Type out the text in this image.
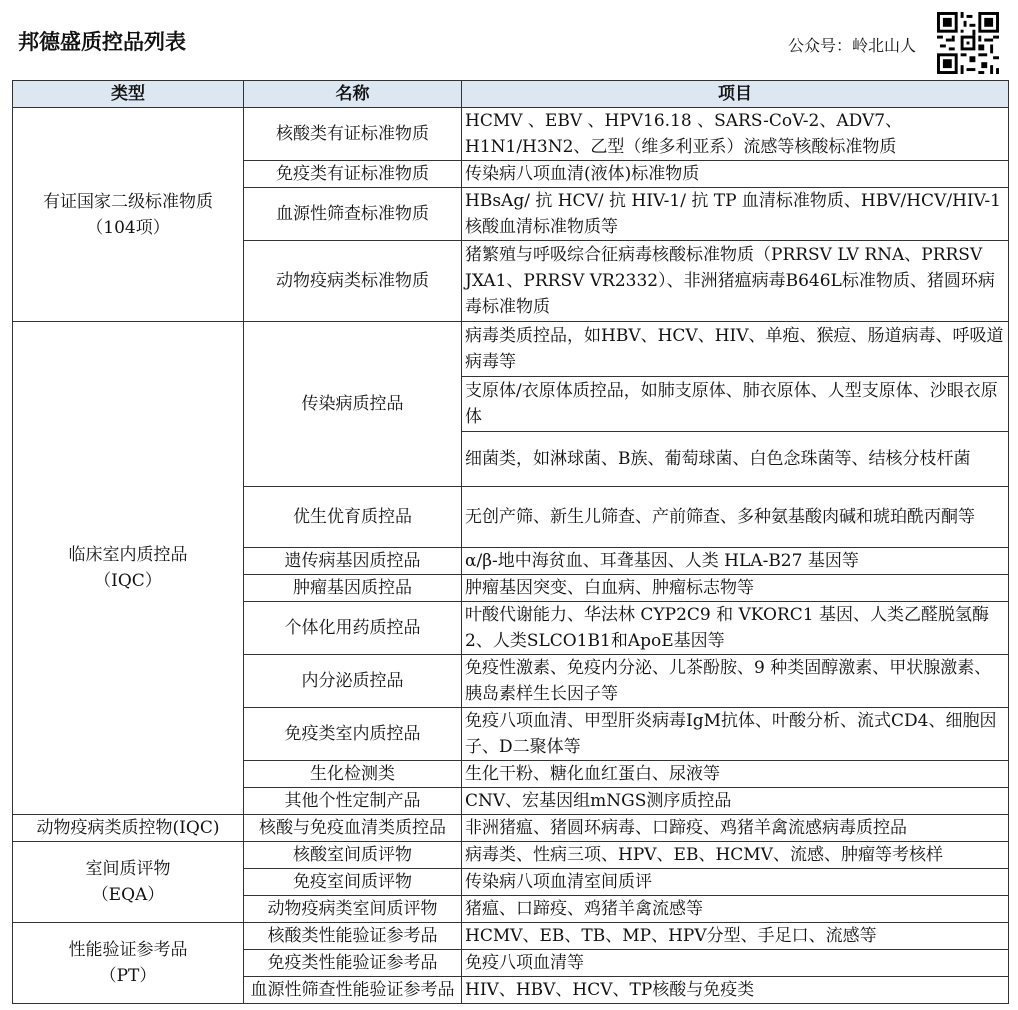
邦德盛质控品列表	公众号：岭北山人
类型	名称	项目

有证国家二级标准物质
（104项）	核酸类有证标准物质	HCMV 、EBV 、HPV16.18 、SARS-CoV-2、ADV7、H1N1/H3N2、乙型（维多利亚系）流感等核酸标准物质
	免疫类有证标准物质	传染病八项血清(液体)标准物质
	血源性筛查标准物质	HBsAg/ 抗 HCV/ 抗 HIV-1/ 抗 TP 血清标准物质、HBV/HCV/HIV-1核酸血清标准物质等
	动物疫病类标准物质	猪繁殖与呼吸综合征病毒核酸标准物质（PRRSV LV RNA、PRRSV JXA1、PRRSV VR2332）、非洲猪瘟病毒B646L标准物质、猪圆环病毒标准物质

临床室内质控品
（IQC）	传染病质控品	病毒类质控品，如HBV、HCV、HIV、单疱、猴痘、肠道病毒、呼吸道病毒等
		支原体/衣原体质控品，如肺支原体、肺衣原体、人型支原体、沙眼衣原体
		细菌类，如淋球菌、B族、葡萄球菌、白色念珠菌等、结核分枝杆菌
	优生优育质控品	无创产筛、新生儿筛查、产前筛查、多种氨基酸肉碱和琥珀酰丙酮等
	遗传病基因质控品	α/β-地中海贫血、耳聋基因、人类 HLA-B27 基因等
	肿瘤基因质控品	肿瘤基因突变、白血病、肿瘤标志物等
	个体化用药质控品	叶酸代谢能力、华法林 CYP2C9 和 VKORC1 基因、人类乙醛脱氢酶2、人类SLCO1B1和ApoE基因等
	内分泌质控品	免疫性激素、免疫内分泌、儿茶酚胺、9 种类固醇激素、甲状腺激素、胰岛素样生长因子等
	免疫类室内质控品	免疫八项血清、甲型肝炎病毒IgM抗体、叶酸分析、流式CD4、细胞因子、D二聚体等
	生化检测类	生化干粉、糖化血红蛋白、尿液等
	其他个性定制产品	CNV、宏基因组mNGS测序质控品

动物疫病类质控物(IQC)	核酸与免疫血清类质控品	非洲猪瘟、猪圆环病毒、口蹄疫、鸡猪羊禽流感病毒质控品

室间质评物
（EQA）	核酸室间质评物	病毒类、性病三项、HPV、EB、HCMV、流感、肿瘤等考核样
	免疫室间质评物	传染病八项血清室间质评
	动物疫病类室间质评物	猪瘟、口蹄疫、鸡猪羊禽流感等

性能验证参考品
（PT）	核酸类性能验证参考品	HCMV、EB、TB、MP、HPV分型、手足口、流感等
	免疫类性能验证参考品	免疫八项血清等
	血源性筛查性能验证参考品	HIV、HBV、HCV、TP核酸与免疫类
